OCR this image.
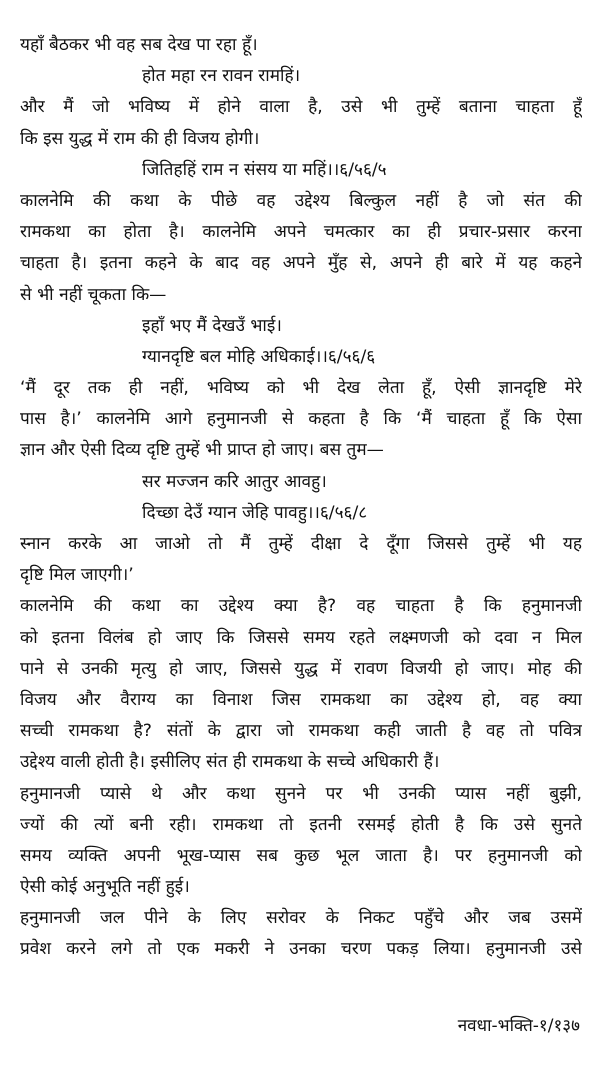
यहाँ बैठकर भी वह सब देख पा रहा हूँ।
होत महा रन रावन रामहिं।
और मैं जो भविष्य में होने वाला है, उसे भी तुम्हें बताना चाहता हूँ
कि इस युद्ध में राम की ही विजय होगी।
जितिहहिं राम न संसय या महिं।।६/५६/५
कालनेमि की कथा के पीछे वह उद्देश्य बिल्कुल नहीं है जो संत की
रामकथा का होता है। कालनेमि अपने चमत्कार का ही प्रचार-प्रसार करना
चाहता है। इतना कहने के बाद वह अपने मुँह से, अपने ही बारे में यह कहने
से भी नहीं चूकता कि—
इहाँ भए मैं देखउँ भाई।
ग्यानदृष्टि बल मोहि अधिकाई।।६/५६/६
‘मैं दूर तक ही नहीं, भविष्य को भी देख लेता हूँ, ऐसी ज्ञानदृष्टि मेरे
पास है।’ कालनेमि आगे हनुमानजी से कहता है कि ‘मैं चाहता हूँ कि ऐसा
ज्ञान और ऐसी दिव्य दृष्टि तुम्हें भी प्राप्त हो जाए। बस तुम—
सर मज्जन करि आतुर आवहु।
दिच्छा देउँ ग्यान जेहि पावहु।।६/५६/८
स्नान करके आ जाओ तो मैं तुम्हें दीक्षा दे दूँगा जिससे तुम्हें भी यह
दृष्टि मिल जाएगी।’
कालनेमि की कथा का उद्देश्य क्या है? वह चाहता है कि हनुमानजी
को इतना विलंब हो जाए कि जिससे समय रहते लक्ष्मणजी को दवा न मिल
पाने से उनकी मृत्यु हो जाए, जिससे युद्ध में रावण विजयी हो जाए। मोह की
विजय और वैराग्य का विनाश जिस रामकथा का उद्देश्य हो, वह क्या
सच्ची रामकथा है? संतों के द्वारा जो रामकथा कही जाती है वह तो पवित्र
उद्देश्य वाली होती है। इसीलिए संत ही रामकथा के सच्चे अधिकारी हैं।
हनुमानजी प्यासे थे और कथा सुनने पर भी उनकी प्यास नहीं बुझी,
ज्यों की त्यों बनी रही। रामकथा तो इतनी रसमई होती है कि उसे सुनते
समय व्यक्ति अपनी भूख-प्यास सब कुछ भूल जाता है। पर हनुमानजी को
ऐसी कोई अनुभूति नहीं हुई।
हनुमानजी जल पीने के लिए सरोवर के निकट पहुँचे और जब उसमें
प्रवेश करने लगे तो एक मकरी ने उनका चरण पकड़ लिया। हनुमानजी उसे
नवधा-भक्ति-१/१३७
